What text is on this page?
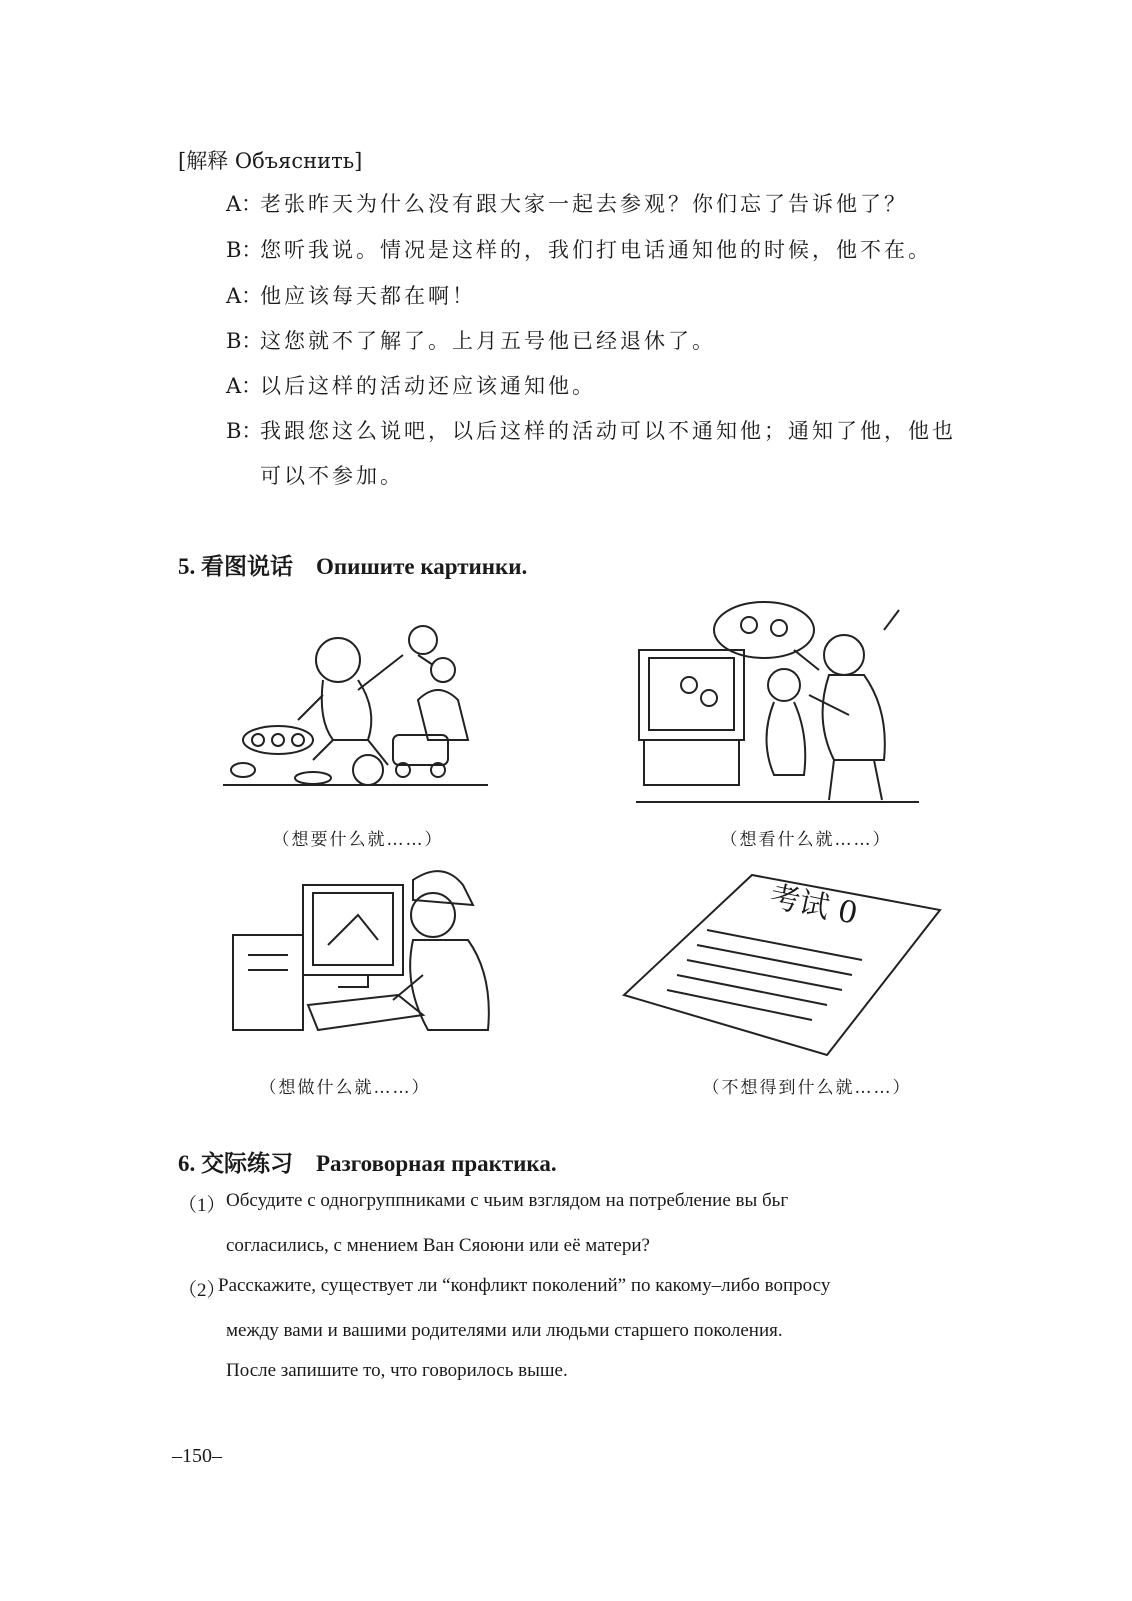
[解释 Объяснить]
A：老张昨天为什么没有跟大家一起去参观？你们忘了告诉他了？
B：您听我说。情况是这样的，我们打电话通知他的时候，他不在。
A：他应该每天都在啊！
B：这您就不了解了。上月五号他已经退休了。
A：以后这样的活动还应该通知他。
B：我跟您这么说吧，以后这样的活动可以不通知他；通知了他，他也
可以不参加。
5. 看图说话　Опишите картинки.
（想要什么就……）	（想看什么就……）
考试 0
（想做什么就……）	（不想得到什么就……）
6. 交际练习　Разговорная практика.
（1） Обсудите с одногруппниками с чьим взглядом на потребление вы бьг
согласились, с мнением Ван Сяоюни или её матери?
（2）
Расскажите, существует ли “конфликт поколений” по какому–либо вопросу
между вами и вашими родителями или людьми старшего поколения.
После запишите то, что говорилось выше.
–150–
